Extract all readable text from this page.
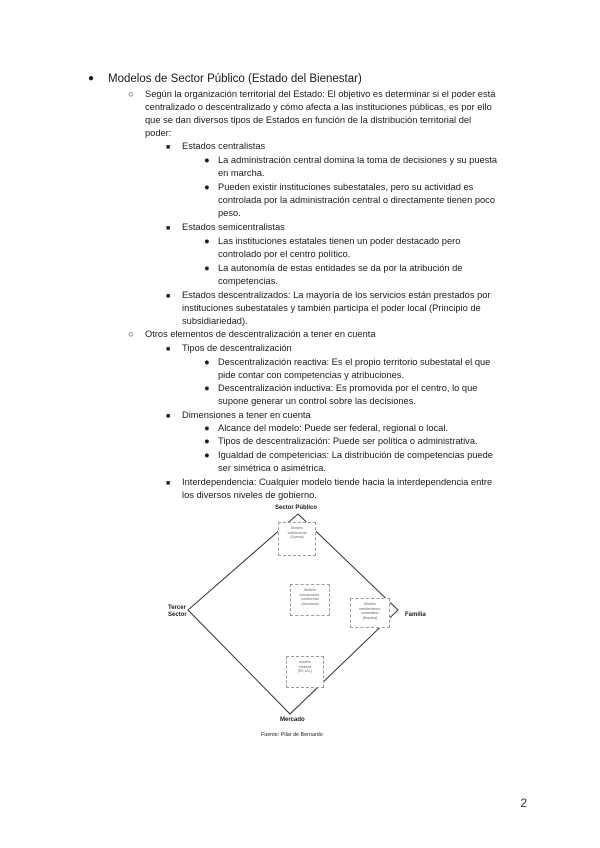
● Modelos de Sector Público (Estado del Bienestar)
○ Según la organización territorial del Estado: El objetivo es determinar si el poder está
centralizado o descentralizado y cómo afecta a las instituciones públicas, es por ello
que se dan diversos tipos de Estados en función de la distribución territorial del
poder:
■ Estados centralistas
● La administración central domina la toma de decisiones y su puesta
en marcha.
● Pueden existir instituciones subestatales, pero su actividad es
controlada por la administración central o directamente tienen poco
peso.
■ Estados semicentralistas
● Las instituciones estatales tienen un poder destacado pero
controlado por el centro político.
● La autonomía de estas entidades se da por la atribución de
competencias.
■ Estados descentralizados: La mayoría de los servicios están prestados por
instituciones subestatales y también participa el poder local (Principio de
subsidiariedad).
○ Otros elementos de descentralización a tener en cuenta
■ Tipos de descentralización
● Descentralización reactiva: Es el propio territorio subestatal el que
pide contar con competencias y atribuciones.
● Descentralización inductiva: Es promovida por el centro, lo que
supone generar un control sobre las decisiones.
■ Dimensiones a tener en cuenta
● Alcance del modelo: Puede ser federal, regional o local.
● Tipos de descentralización: Puede ser política o administrativa.
● Igualdad de competencias: La distribución de competencias puede
ser simétrica o asimétrica.
■ Interdependencia: Cualquier modelo tiende hacia la interdependencia entre
los diversos niveles de gobierno.
Sector Público
Tercer
Sector	Familia
Mercado
Modelo
institucional
(Suecia)
Modelo
conservador-
continental
(Alemania)	Modelo
mediterráneo-
subsidiario
(España)
Modelo
residual
(EE.UU.)
Fuente: Pilar de Bernardo
2
